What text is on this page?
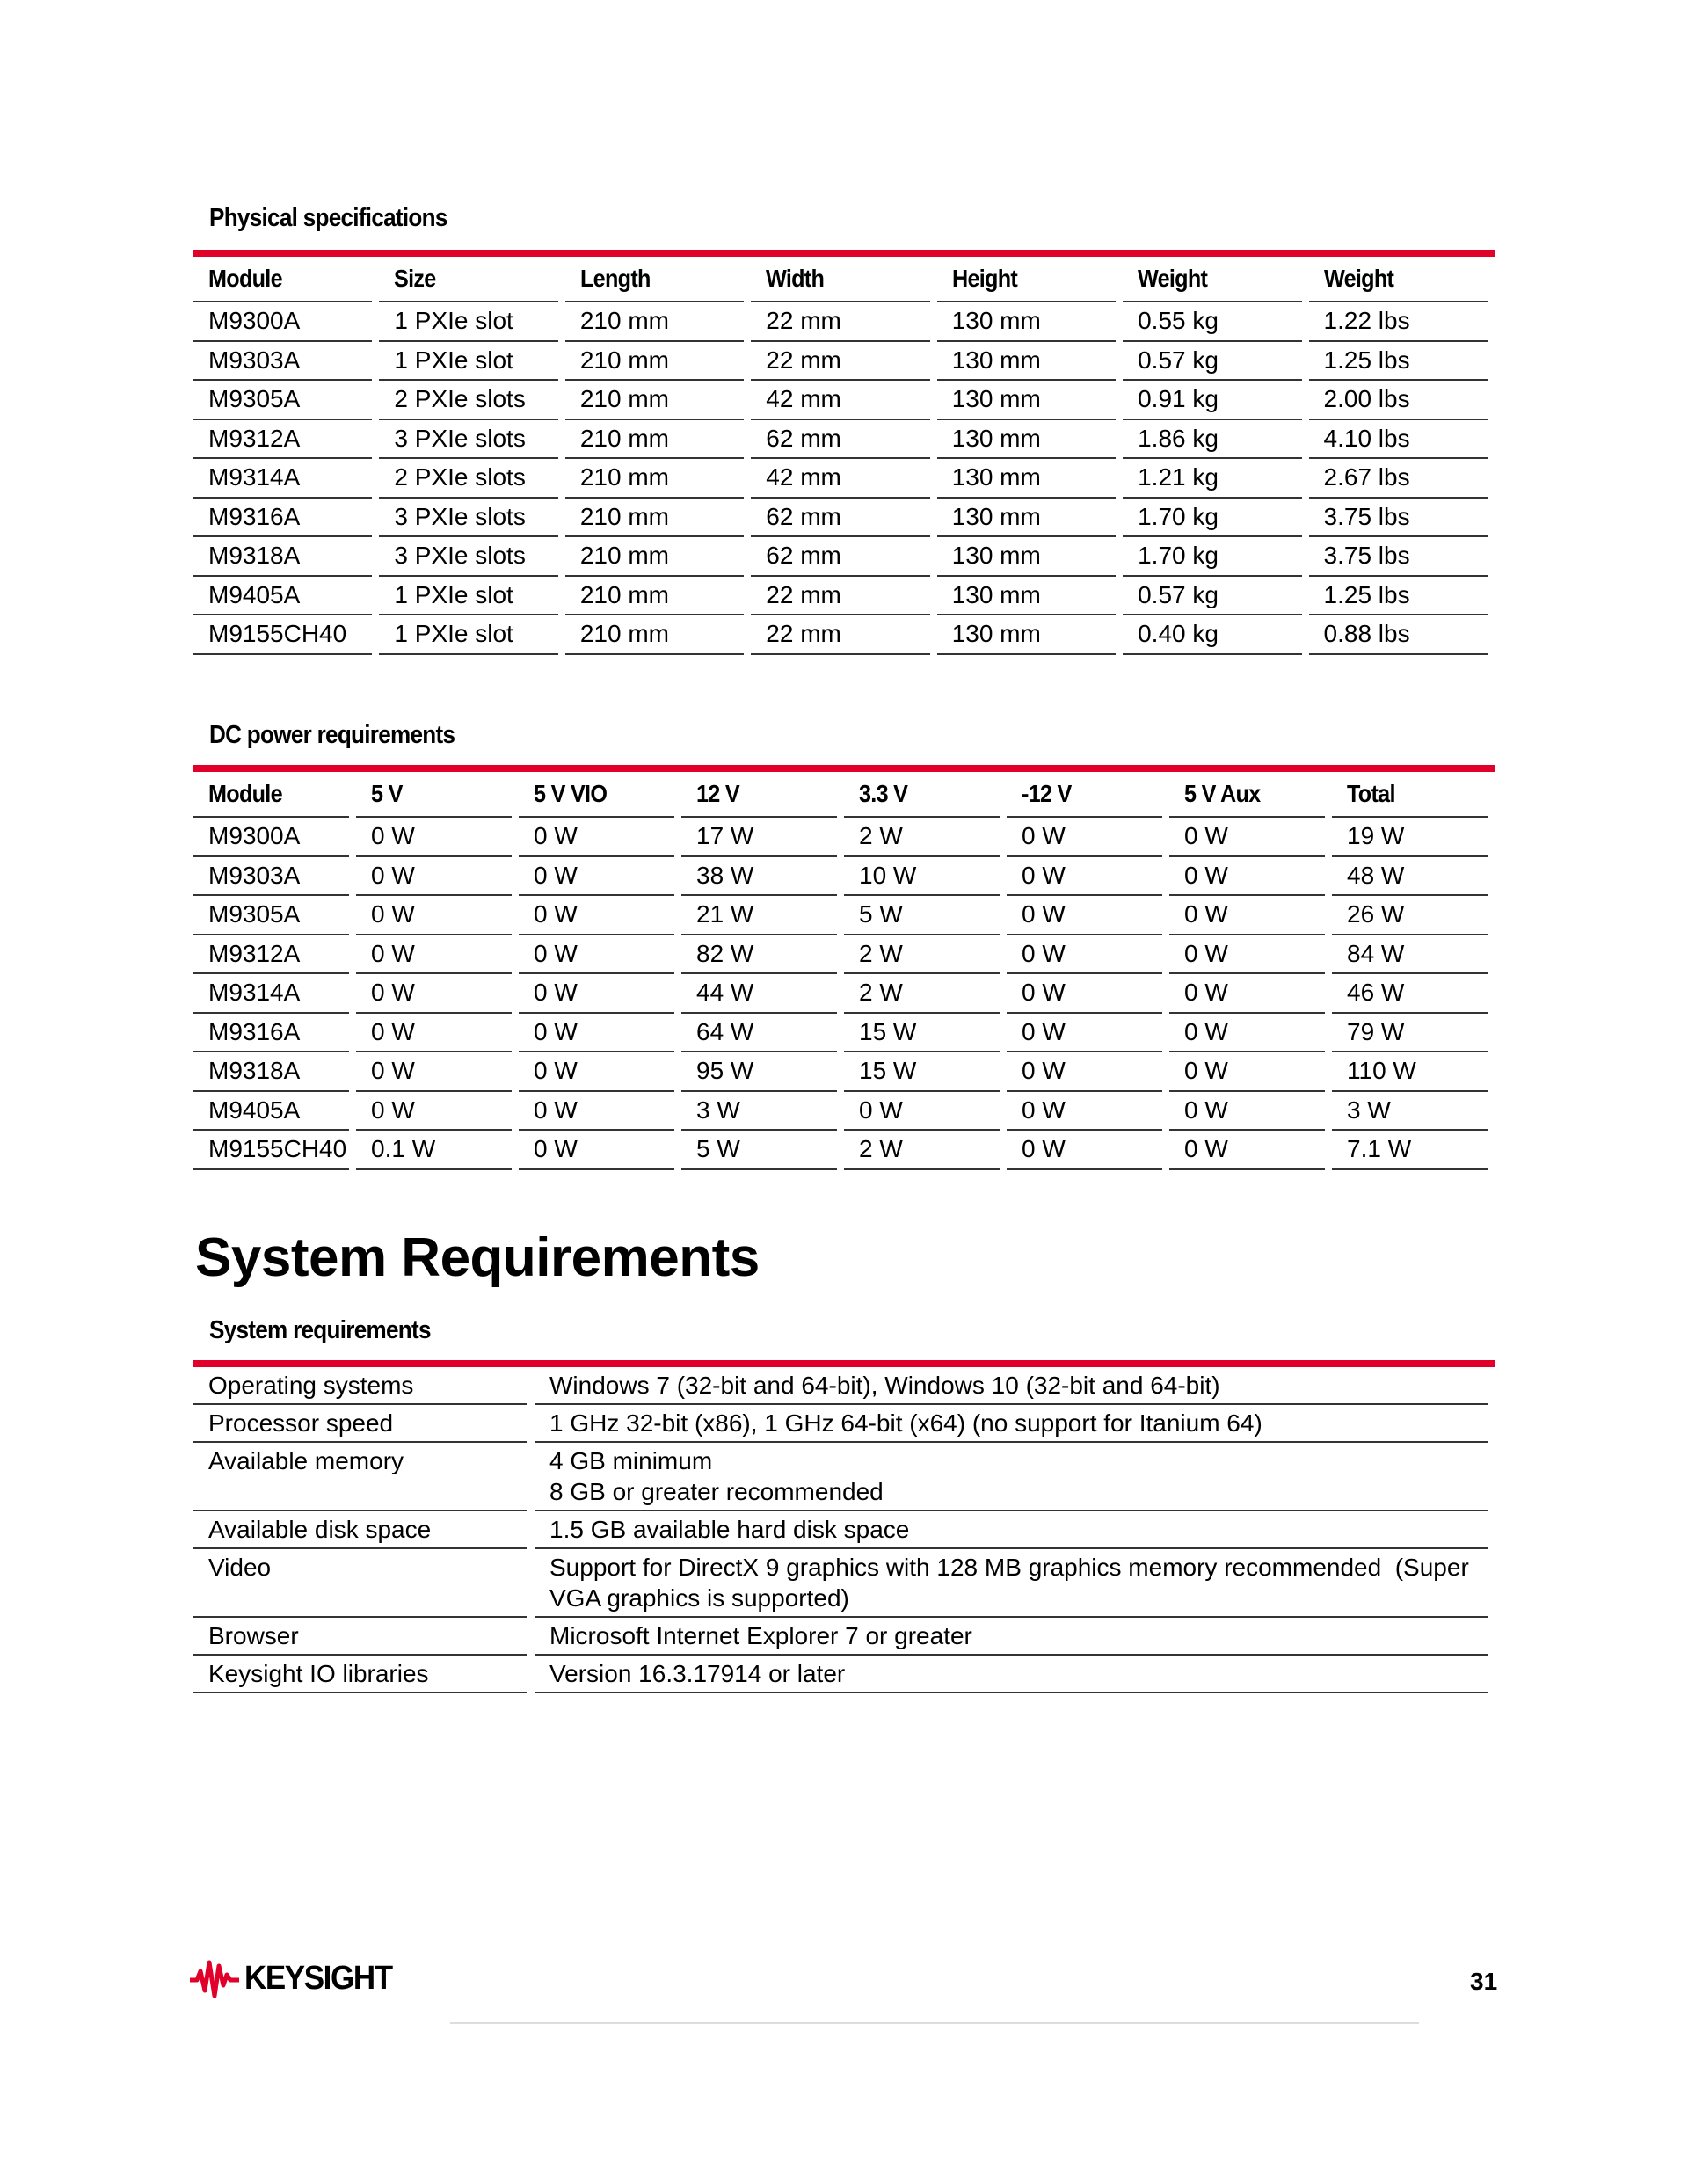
Physical specifications
Module	Size	Length	Width	Height	Weight	Weight
M9300A	1 PXIe slot	210 mm	22 mm	130 mm	0.55 kg	1.22 lbs
M9303A	1 PXIe slot	210 mm	22 mm	130 mm	0.57 kg	1.25 lbs
M9305A	2 PXIe slots	210 mm	42 mm	130 mm	0.91 kg	2.00 lbs
M9312A	3 PXIe slots	210 mm	62 mm	130 mm	1.86 kg	4.10 lbs
M9314A	2 PXIe slots	210 mm	42 mm	130 mm	1.21 kg	2.67 lbs
M9316A	3 PXIe slots	210 mm	62 mm	130 mm	1.70 kg	3.75 lbs
M9318A	3 PXIe slots	210 mm	62 mm	130 mm	1.70 kg	3.75 lbs
M9405A	1 PXIe slot	210 mm	22 mm	130 mm	0.57 kg	1.25 lbs
M9155CH40	1 PXIe slot	210 mm	22 mm	130 mm	0.40 kg	0.88 lbs
DC power requirements
Module	5 V	5 V VIO	12 V	3.3 V	-12 V	5 V Aux	Total
M9300A	0 W	0 W	17 W	2 W	0 W	0 W	19 W
M9303A	0 W	0 W	38 W	10 W	0 W	0 W	48 W
M9305A	0 W	0 W	21 W	5 W	0 W	0 W	26 W
M9312A	0 W	0 W	82 W	2 W	0 W	0 W	84 W
M9314A	0 W	0 W	44 W	2 W	0 W	0 W	46 W
M9316A	0 W	0 W	64 W	15 W	0 W	0 W	79 W
M9318A	0 W	0 W	95 W	15 W	0 W	0 W	110 W
M9405A	0 W	0 W	3 W	0 W	0 W	0 W	3 W
M9155CH40	0.1 W	0 W	5 W	2 W	0 W	0 W	7.1 W
System Requirements
System requirements
Operating systems	Windows 7 (32-bit and 64-bit), Windows 10 (32-bit and 64-bit)
Processor speed	1 GHz 32-bit (x86), 1 GHz 64-bit (x64) (no support for Itanium 64)
Available memory	4 GB minimum
8 GB or greater recommended
Available disk space	1.5 GB available hard disk space
Video	Support for DirectX 9 graphics with 128 MB graphics memory recommended  (Super VGA graphics is supported)
Browser	Microsoft Internet Explorer 7 or greater
Keysight IO libraries	Version 16.3.17914 or later
KEYSIGHT	31
